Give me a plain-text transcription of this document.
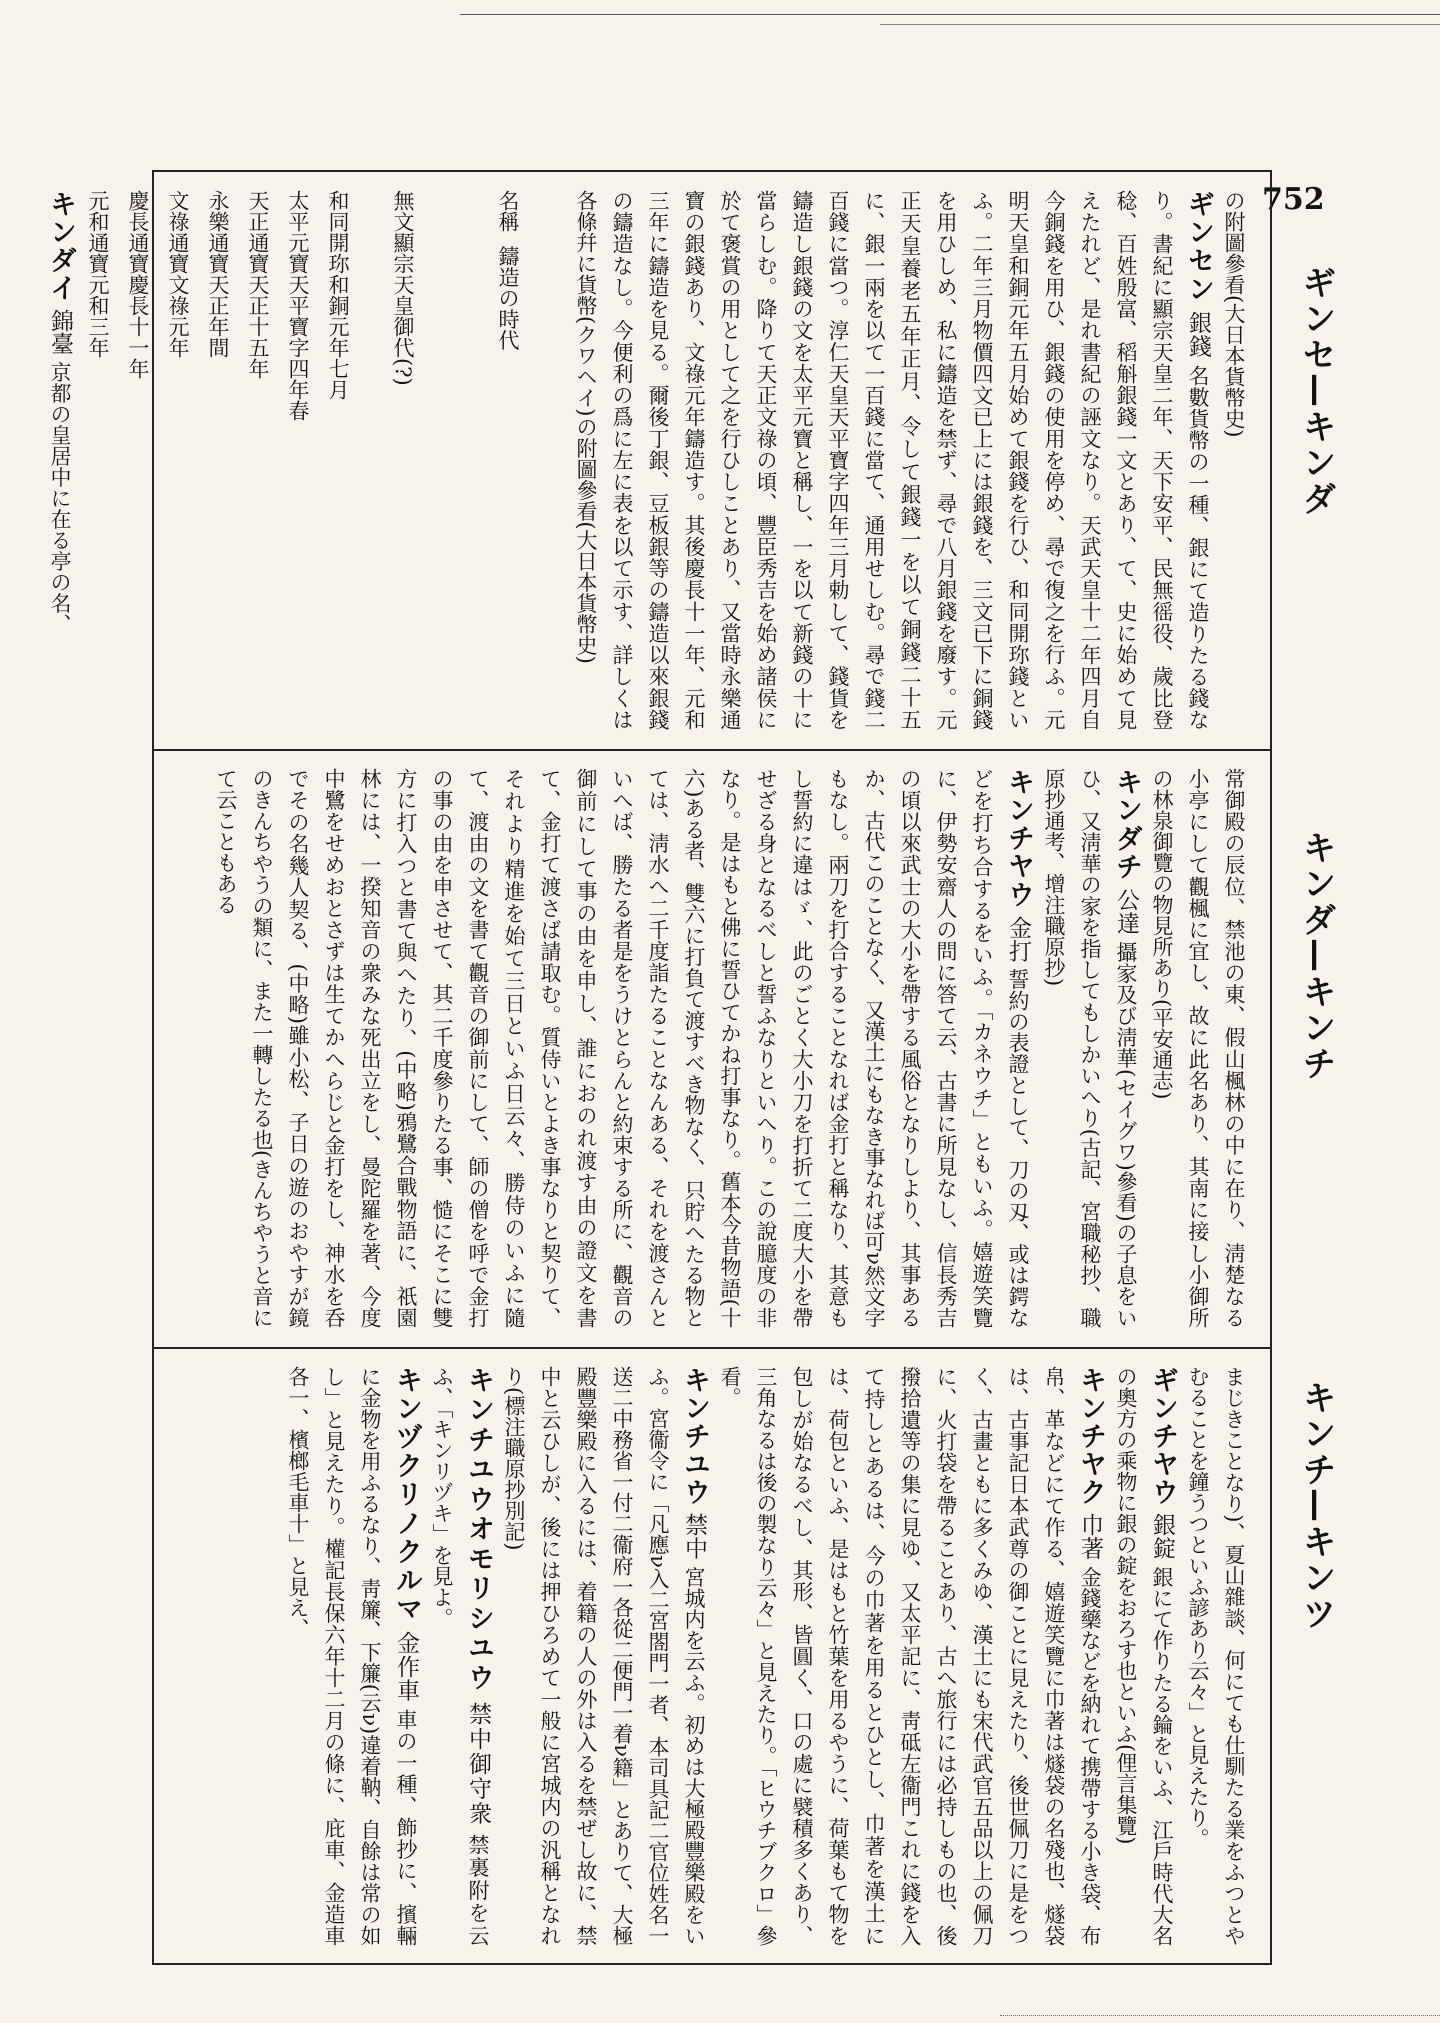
752
ギンセ—キンダ
キンダ—キンチ
キンチ—キンツ

の附圖參看(大日本貨幣史)

ギンセン 銀錢 名數貨幣の一種、銀にて造りたる錢なり。書紀に顯宗天皇二年、天下安平、民無徭役、歲比登稔、百姓殷富、稻斛銀錢一文とあり、て、史に始めて見えたれど、是れ書紀の誣文なり。天武天皇十二年四月自今銅錢を用ひ、銀錢の使用を停め、尋で復之を行ふ。元明天皇和銅元年五月始めて銀錢を行ひ、和同開珎錢といふ。二年三月物價四文已上には銀錢を、三文已下に銅錢を用ひしめ、私に鑄造を禁ず、尋で八月銀錢を廢す。元正天皇養老五年正月、令して銀錢一を以て銅錢二十五に、銀一兩を以て一百錢に當て、通用せしむ。尋で錢二百錢に當つ。淳仁天皇天平寶字四年三月勅して、錢貨を鑄造し銀錢の文を太平元寶と稱し、一を以て新錢の十に當らしむ。降りて天正文祿の頃、豐臣秀吉を始め諸侯に於て褒賞の用として之を行ひしことあり、又當時永樂通寶の銀錢あり、文祿元年鑄造す。其後慶長十一年、元和三年に鑄造を見る。爾後丁銀、豆板銀等の鑄造以來銀錢の鑄造なし。今便利の爲に左に表を以て示す、詳しくは各條幷に貨幣(クワヘイ)の附圖參看(大日本貨幣史)

名稱  鑄造の時代

無文顯宗天皇御代(?)

和同開珎和銅元年七月

太平元寶天平寶字四年春

天正通寶天正十五年

永樂通寶天正年間

文祿通寶文祿元年

慶長通寶慶長十一年

元和通寶元和三年

キンダイ 錦臺 京都の皇居中に在る亭の名、

常御殿の辰位、禁池の東、假山楓林の中に在り、淸楚なる小亭にして觀楓に宜し、故に此名あり、其南に接し小御所の林泉御覽の物見所あり(平安通志)

キンダチ 公達 攝家及び淸華(セイグワ)參看)の子息をいひ、又淸華の家を指してもしかいへり(古記、宮職秘抄、職原抄通考、增注職原抄)

キンチヤウ 金打 誓約の表證として、刀の刄、或は鍔などを打ち合するをいふ。「カネウチ」ともいふ。嬉遊笑覽に、伊勢安齋人の問に答て云、古書に所見なし、信長秀吉の頃以來武士の大小を帶する風俗となりしより、其事あるか、古代このことなく、又漢土にもなき事なれば可ν然文字もなし。兩刀を打合することなれば金打と稱なり、其意もし誓約に違はゞ、此のごとく大小刀を打折て二度大小を帶せざる身となるべしと誓ふなりといへり。この說臆度の非なり。是はもと佛に誓ひてかね打事なり。舊本今昔物語(十六)ある者、雙六に打負て渡すべき物なく、只貯へたる物とては、淸水へ二千度詣たることなんある、それを渡さんといへば、勝たる者是をうけとらんと約束する所に、觀音の御前にして事の由を申し、誰におのれ渡す由の證文を書て、金打て渡さば請取む。質侍いとよき事なりと契りて、それより精進を始て三日といふ日云々、勝侍のいふに隨て、渡由の文を書て觀音の御前にして、師の僧を呼で金打の事の由を申させて、其二千度參りたる事、慥にそこに雙方に打入つと書て與へたり、(中略)鴉鷺合戰物語に、祇園林には、一揆知音の衆みな死出立をし、曼陀羅を著、今度中鷺をせめおとさずは生てかへらじと金打をし、神水を呑でその名幾人契る、(中略)雖小松、子日の遊のおやすが鏡のきんちやうの類に、また一轉したる也(きんちやうと音にて云こともある

まじきことなり)、夏山雜談、何にても仕馴たる業をふつとやむることを鐘うつといふ諺あり云々」と見えたり。

ギンチヤウ 銀錠 銀にて作りたる錀をいふ、江戶時代大名の奧方の乘物に銀の錠をおろす也といふ(俚言集覽)

キンチヤク 巾著 金錢藥などを納れて携帶する小き袋、布帛、革などにて作る、嬉遊笑覽に巾著は燧袋の名殘也、燧袋は、古事記日本武尊の御ことに見えたり、後世佩刀に是をつく、古畫ともに多くみゆ、漢土にも宋代武官五品以上の佩刀に、火打袋を帶ることあり、古へ旅行には必持しもの也、後撥拾遺等の集に見ゆ、又太平記に、靑砥左衞門これに錢を入て持しとあるは、今の巾著を用るとひとし、巾著を漢土には、荷包といふ、是はもと竹葉を用るやうに、荷葉もて物を包しが始なるべし、其形、皆圓く、口の處に襞積多くあり、三角なるは後の製なり云々」と見えたり。「ヒウチブクロ」參看。

キンチユウ 禁中 宮城内を云ふ。初めは大極殿豐樂殿をいふ。宮衞令に「凡應ν入二宮閤門一者、本司具記二官位姓名一送二中務省一付二衞府一各從二便門一着ν籍」とありて、大極殿豐樂殿に入るには、着籍の人の外は入るを禁ぜし故に、禁中と云ひしが、後には押ひろめて一般に宮城内の汎稱となれり(標注職原抄別記)

キンチユウオモリシユウ 禁中御守衆 禁裏附を云ふ、「キンリヅキ」を見よ。

キンヅクリノクルマ 金作車 車の一種、飾抄に、擯輛に金物を用ふるなり、靑簾、下簾(云ν)違着靹、自餘は常の如し」と見えたり。權記長保六年十二月の條に、庇車、金造車各一、檳榔毛車十」と見え、
